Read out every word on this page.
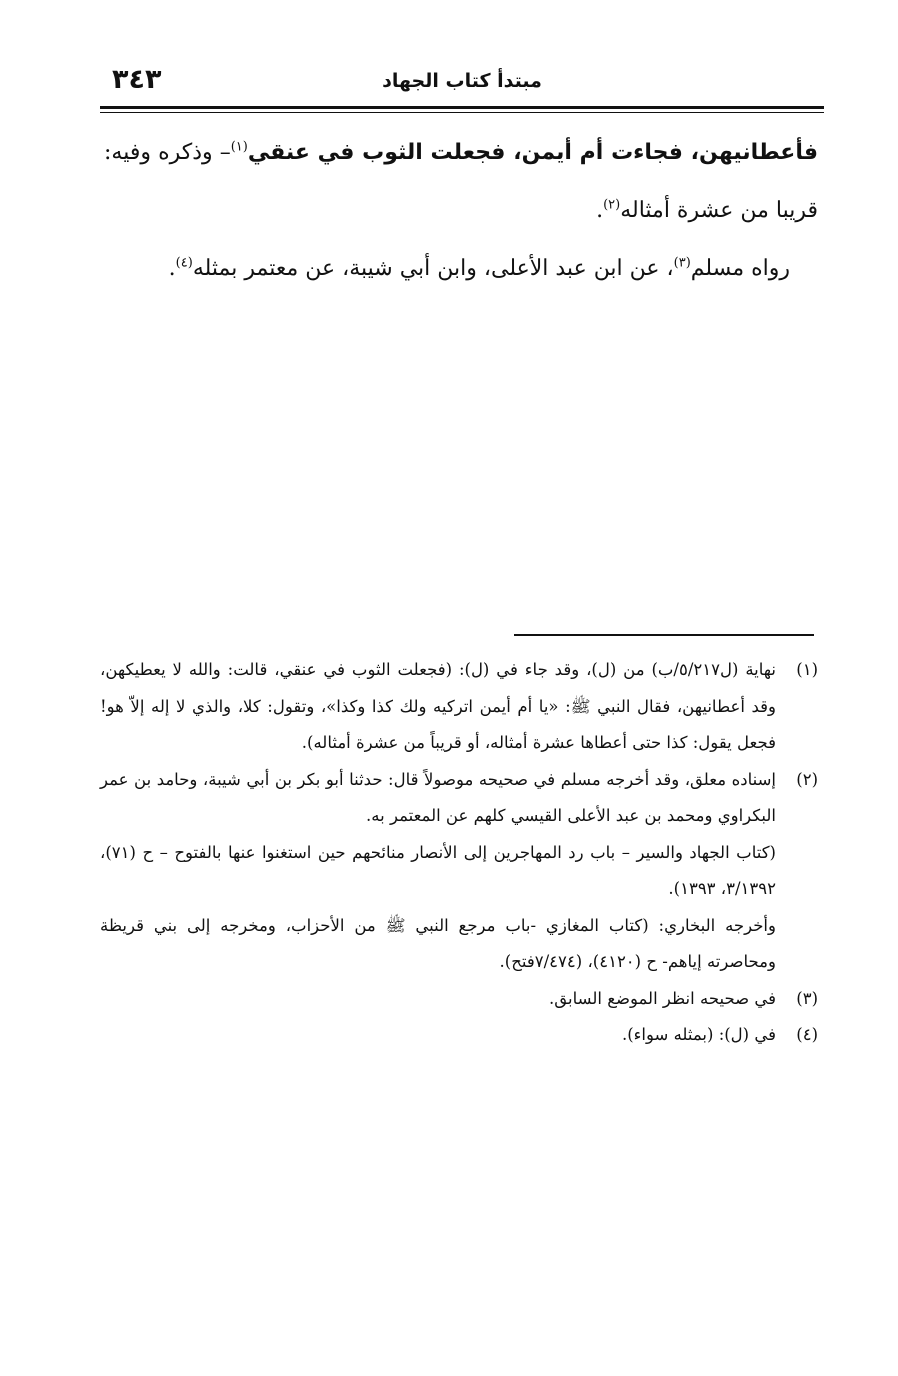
مبتدأ كتاب الجهاد
٣٤٣

فأعطانيهن، فجاءت أم أيمن، فجعلت الثوب في عنقي$^{(١)}$– وذكره وفيه: قريبا من عشرة أمثاله$^{(٢)}$.

رواه مسلم$^{(٣)}$، عن ابن عبد الأعلى، وابن أبي شيبة، عن معتمر بمثله$^{(٤)}$.

(١)

نهاية (ل٥/٢١٧/ب) من (ل)، وقد جاء في (ل): (فجعلت الثوب في عنقي، قالت: والله لا يعطيكهن، وقد أعطانيهن، فقال النبي ﷺ: «يا أم أيمن اتركيه ولك كذا وكذا»، وتقول: كلا، والذي لا إله إلاّ هو! فجعل يقول: كذا حتى أعطاها عشرة أمثاله، أو قريباً من عشرة أمثاله).

(٢)

إسناده معلق، وقد أخرجه مسلم في صحيحه موصولاً قال: حدثنا أبو بكر بن أبي شيبة، وحامد بن عمر البكراوي ومحمد بن عبد الأعلى القيسي كلهم عن المعتمر به.

(كتاب الجهاد والسير – باب رد المهاجرين إلى الأنصار منائحهم حين استغنوا عنها بالفتوح – ح (٧١)، ٣/١٣٩٢، ١٣٩٣).

وأخرجه البخاري: (كتاب المغازي -باب مرجع النبي ﷺ من الأحزاب، ومخرجه إلى بني قريظة ومحاصرته إياهم- ح (٤١٢٠)، (٧/٤٧٤فتح).

(٣)

في صحيحه انظر الموضع السابق.

(٤)

في (ل): (بمثله سواء).
